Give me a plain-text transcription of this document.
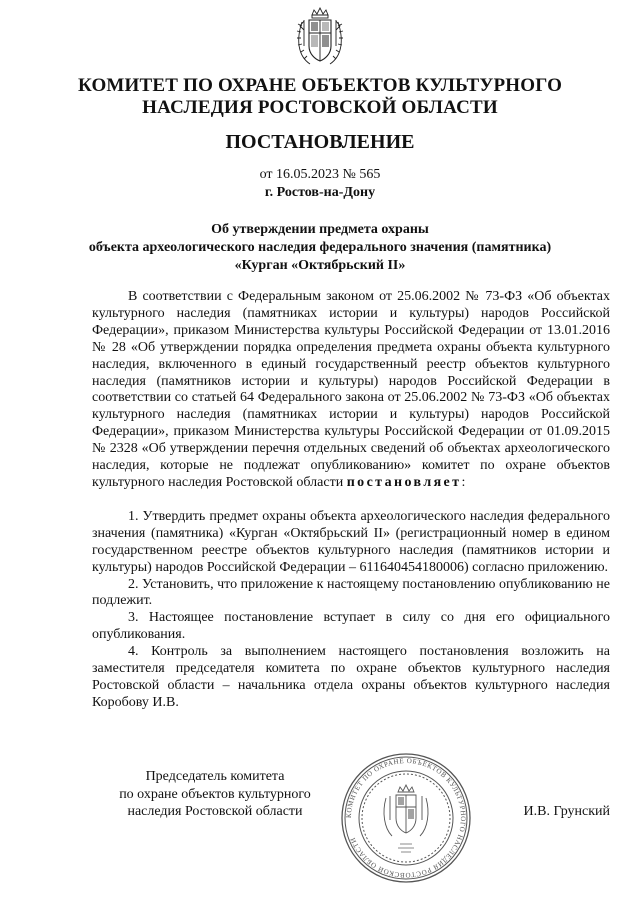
КОМИТЕТ ПО ОХРАНЕ ОБЪЕКТОВ КУЛЬТУРНОГО
НАСЛЕДИЯ РОСТОВСКОЙ ОБЛАСТИ
ПОСТАНОВЛЕНИЕ
от 16.05.2023 № 565
г. Ростов-на-Дону
Об утверждении предмета охраны
объекта археологического наследия федерального значения (памятника)
«Курган «Октябрьский II»

В соответствии с Федеральным законом от 25.06.2002 № 73-ФЗ «Об объектах культурного наследия (памятниках истории и культуры) народов Российской Федерации», приказом Министерства культуры Российской Федерации от 13.01.2016 № 28 «Об утверждении порядка определения предмета охраны объекта культурного наследия, включенного в единый государственный реестр объектов культурного наследия (памятников истории и культуры) народов Российской Федерации в соответствии со статьей 64 Федерального закона от 25.06.2002 № 73-ФЗ «Об объектах культурного наследия (памятниках истории и культуры) народов Российской Федерации», приказом Министерства культуры Российской Федерации от 01.09.2015 № 2328 «Об утверждении перечня отдельных сведений об объектах археологического наследия, которые не подлежат опубликованию» комитет по охране объектов культурного наследия Ростовской области постановляет:

1. Утвердить предмет охраны объекта археологического наследия федерального значения (памятника) «Курган «Октябрьский II» (регистрационный номер в едином государственном реестре объектов культурного наследия (памятников истории и культуры) народов Российской Федерации – 611640454180006) согласно приложению.

2. Установить, что приложение к настоящему постановлению опубликованию не подлежит.

3. Настоящее постановление вступает в силу со дня его официального опубликования.

4. Контроль за выполнением настоящего постановления возложить на заместителя председателя комитета по охране объектов культурного наследия Ростовской области – начальника отдела охраны объектов культурного наследия Коробову И.В.

Председатель комитета
по охране объектов культурного
наследия Ростовской области	КОМИТЕТ ПО ОХРАНЕ ОБЪЕКТОВ КУЛЬТУРНОГО НАСЛЕДИЯ РОСТОВСКОЙ ОБЛАСТИ
И.В. Грунский
